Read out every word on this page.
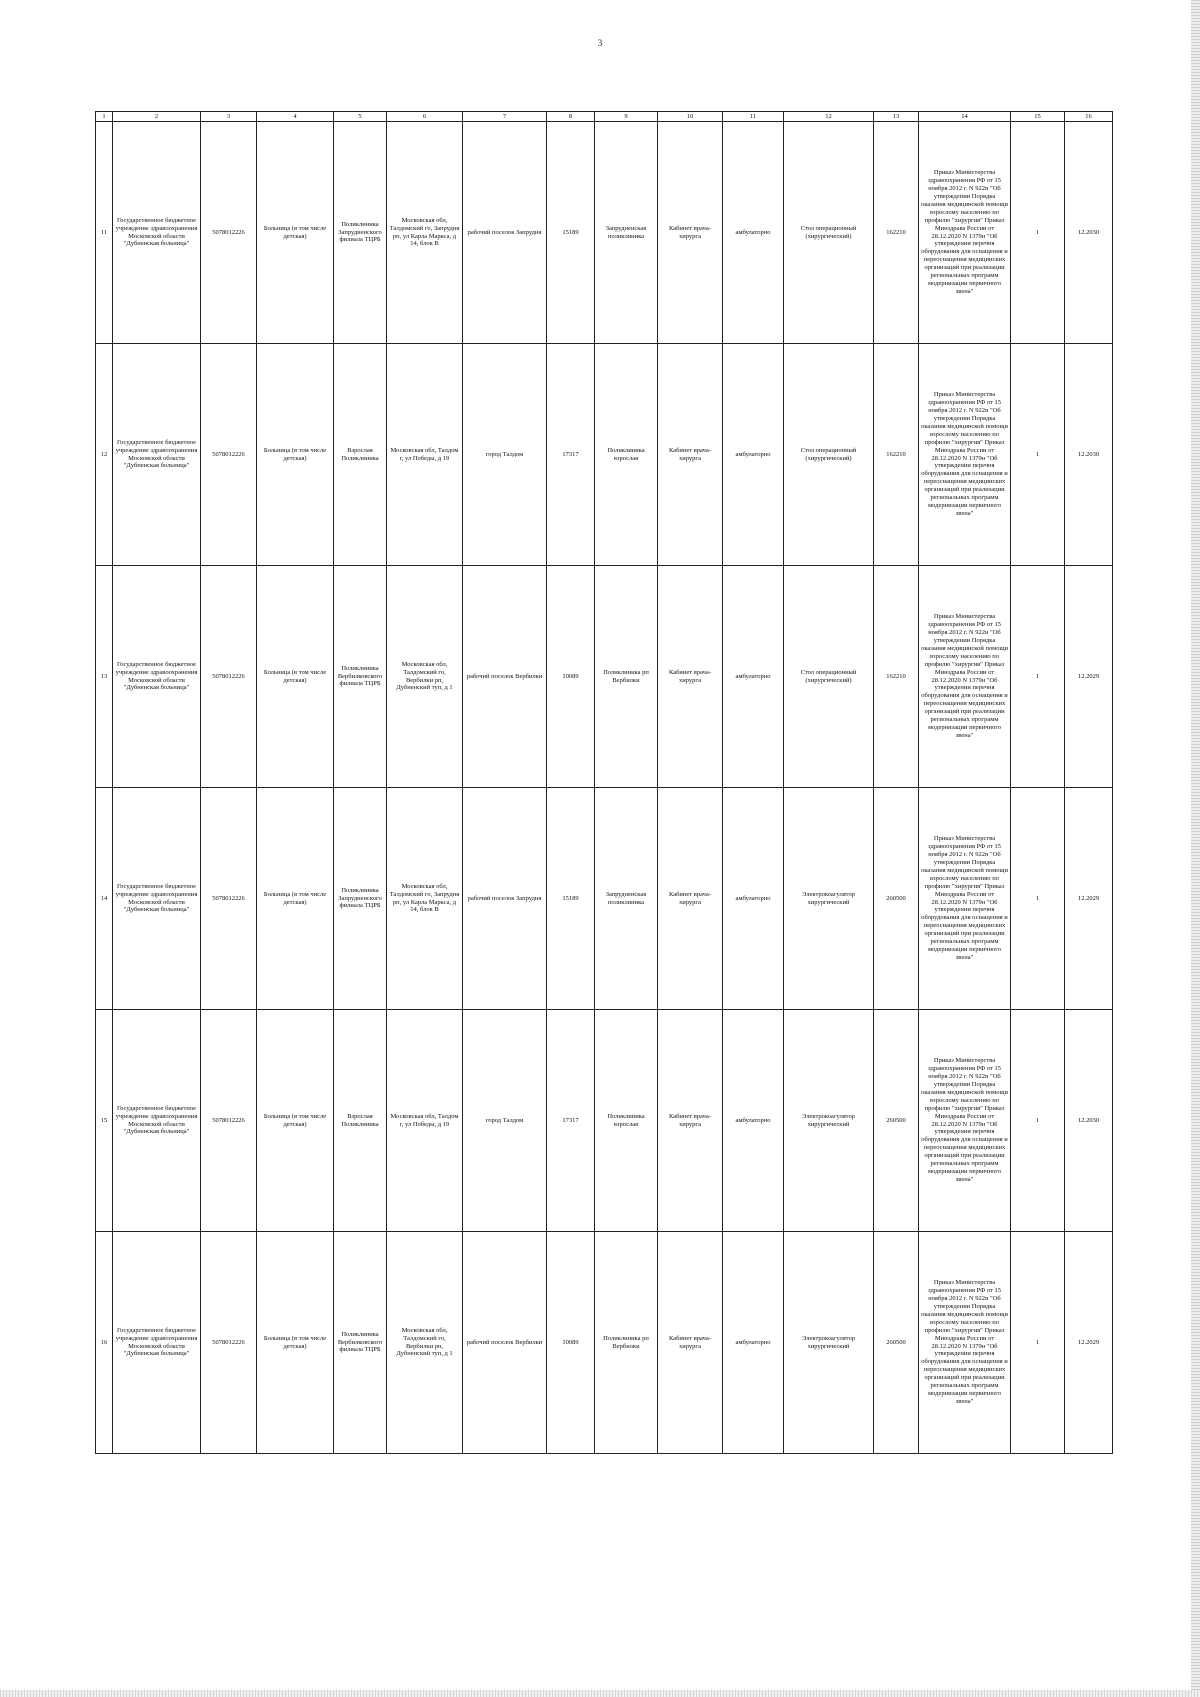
3
1	2	3	4	5	6	7	8	9	10	11	12	13	14	15	16
11	Государственное бюджетное учреждение здравоохранения Московской области "Дубненская больница"	5078012226	Больница (в том числе детская)	Поликлиника Запрудненского филиала ТЦРБ	Московская обл, Талдомский го, Запрудня рп, ул Карла Маркса, д 14, блок В	рабочий поселок Запрудня	15189	Запрудненская поликлиника	Кабинет врача-хирурга	амбулаторно	Стол операционный (хирургический)	162210	Приказ Министерства здравоохранения РФ от 15 ноября 2012 г. N 922н "Об утверждении Порядка оказания медицинской помощи взрослому населению по профилю "хирургия" Приказ Минздрава России от 28.12.2020 N 1379н "Об утверждении перечня оборудования для оснащения и переоснащения медицинских организаций при реализации региональных программ модернизации первичного звена"	1	12.2030
12	Государственное бюджетное учреждение здравоохранения Московской области "Дубненская больница"	5078012226	Больница (в том числе детская)	Взрослая Поликлиника	Московская обл, Талдом г, ул Победы, д 19	город Талдом	17317	Поликлиника взрослая	Кабинет врача-хирурга	амбулаторно	Стол операционный (хирургический)	162210	Приказ Министерства здравоохранения РФ от 15 ноября 2012 г. N 922н "Об утверждении Порядка оказания медицинской помощи взрослому населению по профилю "хирургия" Приказ Минздрава России от 28.12.2020 N 1379н "Об утверждении перечня оборудования для оснащения и переоснащения медицинских организаций при реализации региональных программ модернизации первичного звена"	1	12.2030
13	Государственное бюджетное учреждение здравоохранения Московской области "Дубненская больница"	5078012226	Больница (в том числе детская)	Поликлиника Вербилковского филиала ТЦРБ	Московская обл, Талдомский го, Вербилки рп, Дубненский туп, д 1	рабочий поселок Вербилки	10089	Поликлиника рп Вербилки	Кабинет врача-хирурга	амбулаторно	Стол операционный (хирургический)	162210	Приказ Министерства здравоохранения РФ от 15 ноября 2012 г. N 922н "Об утверждении Порядка оказания медицинской помощи взрослому населению по профилю "хирургия" Приказ Минздрава России от 28.12.2020 N 1379н "Об утверждении перечня оборудования для оснащения и переоснащения медицинских организаций при реализации региональных программ модернизации первичного звена"	1	12.2029
14	Государственное бюджетное учреждение здравоохранения Московской области "Дубненская больница"	5078012226	Больница (в том числе детская)	Поликлиника Запрудненского филиала ТЦРБ	Московская обл, Талдомский го, Запрудня рп, ул Карла Маркса, д 14, блок В	рабочий поселок Запрудня	15189	Запрудненская поликлиника	Кабинет врача-хирурга	амбулаторно	Электрокоагулятор хирургический	260500	Приказ Министерства здравоохранения РФ от 15 ноября 2012 г. N 922н "Об утверждении Порядка оказания медицинской помощи взрослому населению по профилю "хирургия" Приказ Минздрава России от 28.12.2020 N 1379н "Об утверждении перечня оборудования для оснащения и переоснащения медицинских организаций при реализации региональных программ модернизации первичного звена"	1	12.2029
15	Государственное бюджетное учреждение здравоохранения Московской области "Дубненская больница"	5078012226	Больница (в том числе детская)	Взрослая Поликлиника	Московская обл, Талдом г, ул Победы, д 19	город Талдом	17317	Поликлиника взрослая	Кабинет врача-хирурга	амбулаторно	Электрокоагулятор хирургический	260500	Приказ Министерства здравоохранения РФ от 15 ноября 2012 г. N 922н "Об утверждении Порядка оказания медицинской помощи взрослому населению по профилю "хирургия" Приказ Минздрава России от 28.12.2020 N 1379н "Об утверждении перечня оборудования для оснащения и переоснащения медицинских организаций при реализации региональных программ модернизации первичного звена"	1	12.2030
16	Государственное бюджетное учреждение здравоохранения Московской области "Дубненская больница"	5078012226	Больница (в том числе детская)	Поликлиника Вербилковского филиала ТЦРБ	Московская обл, Талдомский го, Вербилки рп, Дубненский туп, д 1	рабочий поселок Вербилки	10089	Поликлиника рп Вербилки	Кабинет врача-хирурга	амбулаторно	Электрокоагулятор хирургический	260500	Приказ Министерства здравоохранения РФ от 15 ноября 2012 г. N 922н "Об утверждении Порядка оказания медицинской помощи взрослому населению по профилю "хирургия" Приказ Минздрава России от 28.12.2020 N 1379н "Об утверждении перечня оборудования для оснащения и переоснащения медицинских организаций при реализации региональных программ модернизации первичного звена"	1	12.2029
